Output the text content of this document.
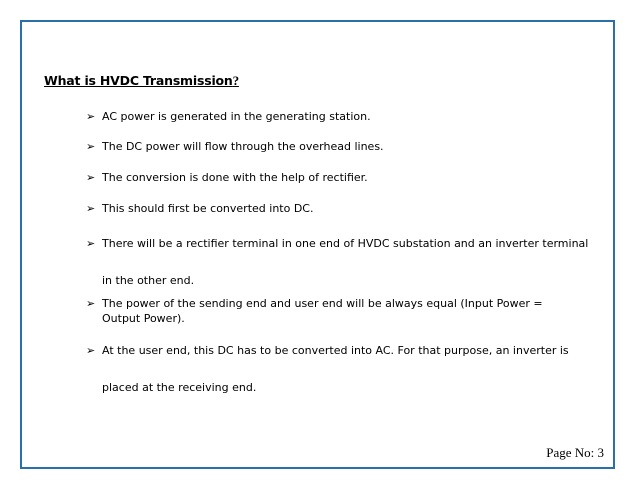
What is HVDC Transmission?
➢ AC power is generated in the generating station.
➢ The DC power will flow through the overhead lines.
➢ The conversion is done with the help of rectifier.
➢ This should first be converted into DC.
➢ There will be a rectifier terminal in one end of HVDC substation and an inverter terminal in the other end.
➢ The power of the sending end and user end will be always equal (Input Power = Output Power).
➢ At the user end, this DC has to be converted into AC. For that purpose, an inverter is placed at the receiving end.
Page No: 3
